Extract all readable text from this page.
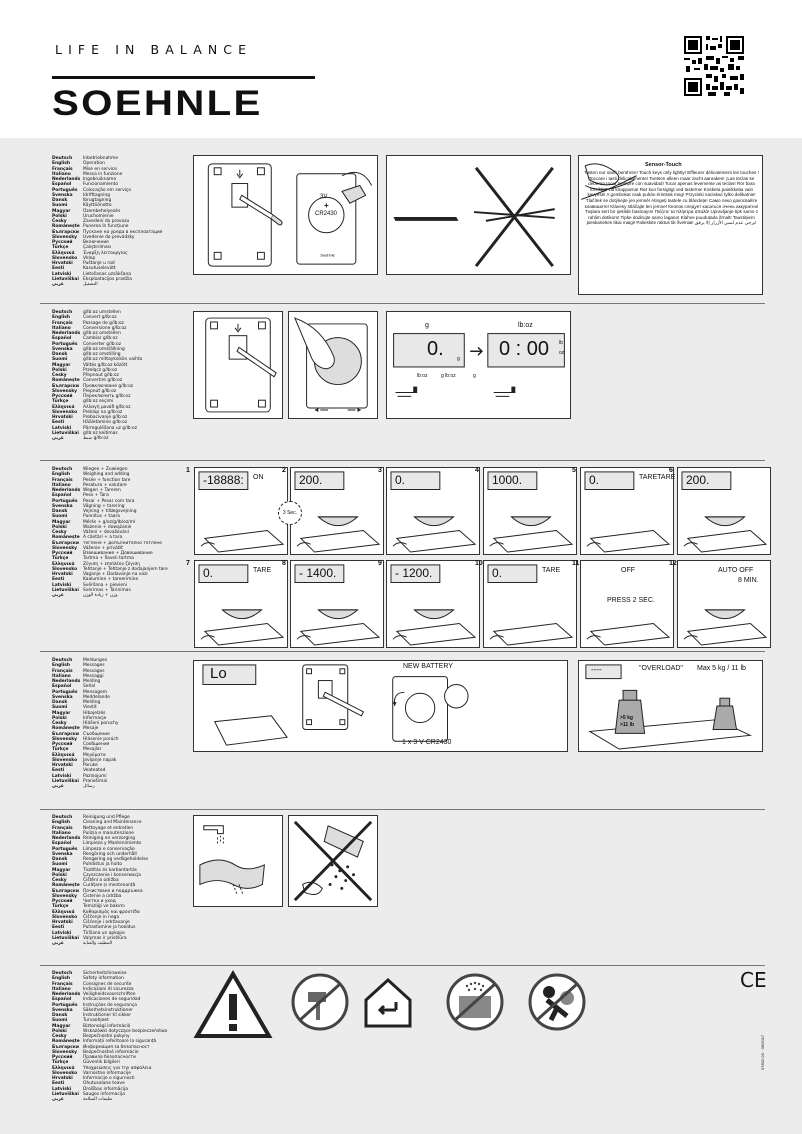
LIFE IN BALANCE
SOEHNLE
Deutsch Inbetriebnahme
English	Operation
Français Mise en service
Italiano	Messa in funzione
Nederlands Ingebruikname
Español	Funcionamiento
Português Colocação em serviço
Svenska Idrifttagning
Dansk	Ibrugtagning
Suomi	Käyttöönotto
Magyar	Üzembehelyezés
Polski	Uruchomienie
Česky	Zavedení do provozu
Românește Punerea în funcțiune
Български Пускане на уреда в експлоатация
Slovensky Uvedenie do prevádzky
Русский Включение
Türkçe	Çalıştırılması
Ελληνικά Έναρξη λειτουργίας
Slovensko Vklop
Hrvatski Puštanje u rad
Eesti	Kasutuselevõtt
Latviski	Lietošanas uzsākšana
Lietuviškai Eksploatacijos pradžia
عربي	التشغيل
Deutsch g/lb:oz umstellen
English	Convert g/lb:oz
Français Passage de g/lb:oz
Italiano	Conversione g/lb:oz
Nederlands g/lb:oz omstellen
Español	Cambiar g/lb:oz
Português Converter g/lb:oz
Svenska g/lb:oz omställning
Dansk	g/lb:oz omstilling
Suomi	g/lb:oz mittayksikön vaihto
Magyar	Váltás g/lb:oz között
Polski	Przełącz g/lb:oz
Česky	Přepnout g/lb:oz
Românește Convertire g/lb:oz
Български Превключване g/lb:oz
Slovensky Prepnúť g/lb:oz
Русский Переключить g/lb:oz
Türkçe	g/lb:oz seçimi
Ελληνικά Αλλαγή μονάδ g/lb:oz
Slovensko Preklop na g/lb:oz
Hrvatski Prebacivanje g/lb:oz
Eesti	Hääletamine g/lb:oz
Latviski	Pārregulēšana uz g/lb:oz
Lietuviškai g/lb:oz keitimas
عربي	ضبط g/lb:oz
Deutsch Wiegen + Zuwiegen
English	Weighing and adding
Français Pesée + fonction tare
Italiano	Pesatura + valutare
Nederlands Wegen + Tareren
Español	Peso + Tara
Português Pesar + Pesar com tara
Svenska Vägning + tarering
Dansk	Vejning + tillægsvejning
Suomi	Punnitus + taara
Magyar	Mérés + g/oz/g/lb/oz/ml
Polski	Ważenie + dowążanie
Česky	Vážení + dovažování
Românește A cântări + a tara
Български теглене + допълнително теглене
Slovensky Váženie + prívážiť
Русский Взвешивание + Довешивание
Türkçe	Tartma + İlaveli tartma
Ελληνικά Ζύγιση + επιπλέον ζύγιση
Slovensko Tehtanje + Tehtanje z dodajanjem tare
Hrvatski Vaganje + Dodavanje na vazi
Eesti	Kaalumine + tareerimine
Latviski	Svēršana + pievieni
Lietuviškai Svėrimas + Tarinimas
عربي	وزن + زيادة الوزن
Deutsch Meldungen
English	Messages
Français Messages
Italiano	Messaggi
Nederlands Melding
Español	Señal
Português Mensagem
Svenska Meddelande
Dansk	Melding
Suomi	Viestit
Magyar	Hibajelzés
Polski	Informacje
Česky	Hlášení poruchy
Românește Mesaje
Български Съобщение
Slovensky Hlásenie porúch
Русский Сообщения
Türkçe	Mesajlar
Ελληνικά Μηνύματα
Slovensko Javljanje napak
Hrvatski Poruke
Eesti	Veateated
Latviski	Paziņojumi
Lietuviškai Pranešimai
عربي	رسائل
Deutsch Reinigung und Pflege
English	Cleaning and Maintenance
Français Nettoyage et entretien
Italiano	Pulizia e manutenzione
Nederlands Reiniging en verzorging
Español	Limpieza y Mantenimiento
Português Limpeza e conservação
Svenska Rengöring och underhåll
Dansk	Rengøring og vedligeholdelse
Suomi	Puhdistus ja hoito
Magyar	Tisztítás és karbantartás
Polski	Czyszczenie i konserwacja
Česky	Čištění a údržba
Românește Curățare și mentenanță
Български Почистване и поддръжка
Slovensky Čistenie a údržba
Русский Чистка и уход
Türkçe	Temizliği ve bakımı
Ελληνικά Καθαρισμός και φροντίδα
Slovensko Čiščenje in nega
Hrvatski Čišćenje i održavanje
Eesti	Puhastamine ja hooldus
Latviski	Tīrīšana un apkope
Lietuviškai Valymas ir priežiūra
عربي	التنظيف والعناية
Deutsch Sicherheitshinweise
English	Safety information
Français Consignes de securite
Italiano	Indicazioni di sicurezza
Nederlands Veiligheidsvoorschriften
Español	Indicaciones de seguridad
Português Instruções de segurança
Svenska Säkerhetsinstruktioner
Dansk	Instruktioner til sikker
Suomi	Turvaohjeet
Magyar	Biztonsági információ
Polski	Wskazówki dotyczące bezpieczeństwa
Česky	Bezpečnostní pokyny
Românește Informații referitoare la siguranță
Български Информация за безопасност
Slovensky Bezpečnostné informácie
Русский Правила безопасности
Türkçe	Güvenlik bilgileri
Ελληνικά Υποχρεώσεις για την ασφάλεια
Slovensko Varnostne informacije
Hrvatski Informacije o sigurnosti
Eesti	Ohutusalane teave
Latviski	Drošības informācija
Lietuviškai Saugos informacija
عربي	تعليمات السلامة
Soehnle
3V
+
CR2430
Sensor-Touch
Tasten nur sanft berühren! Touch keys only lightly! Effleurer délicatement les touches ! Toccare i tasti delicatamente! Toetsen alleen maar zacht aanraken! ¡Las teclas se deberán tocar siempre con suavidad! Tocar apenas levemente as teclas! Rör bara försiktigt vid knapparna! Rør kun forsigtigt ved tasterne! Kosketa painikkeita vain kevyesti! A gombokat csak puhán érintsük meg! Przyciski naciskać tylko delikatnie! Tlačítek se dotýkejte jen jemně! Atingeți tastele cu blândețe! Само леко докосвайте клавишите! Klávesy stláčajte len jemne! Кнопок следует касаться очень аккуратно! Tuşlara sert bir şekilde basmayın! Πιέζετε τα πλήκτρα απαλά! Upravljanje tipk samo z rahlim dotikom! Tipke dodirujte samo lagano! Klahve puudutada õrnalt! Taustiņiem pieskarieties tikai maigi! Palieskite raktus tik švelniai! يرجى عدم لمس الأزرار إلا برفق!
g	lb:oz
0.	g 0 : 00 lb
oz
lb:oz	g lb:oz	g
1
-18888: ON
2
200.
3 Sec.
3
0.
4
1000.
5
0.	TARETARE
6
200.
7
0.	TARE
8
- 1400.
9
- 1200.
10
0.	TARE
11
OFF
PRESS 2 SEC.
12
AUTO OFF
8 MIN.
Lo	NEW BATTERY
1 x 3 V CR2430
----	"OVERLOAD" Max 5 kg / 11 lb
>5 kg
>11 lb
CE
07832.0X · 09/2017
